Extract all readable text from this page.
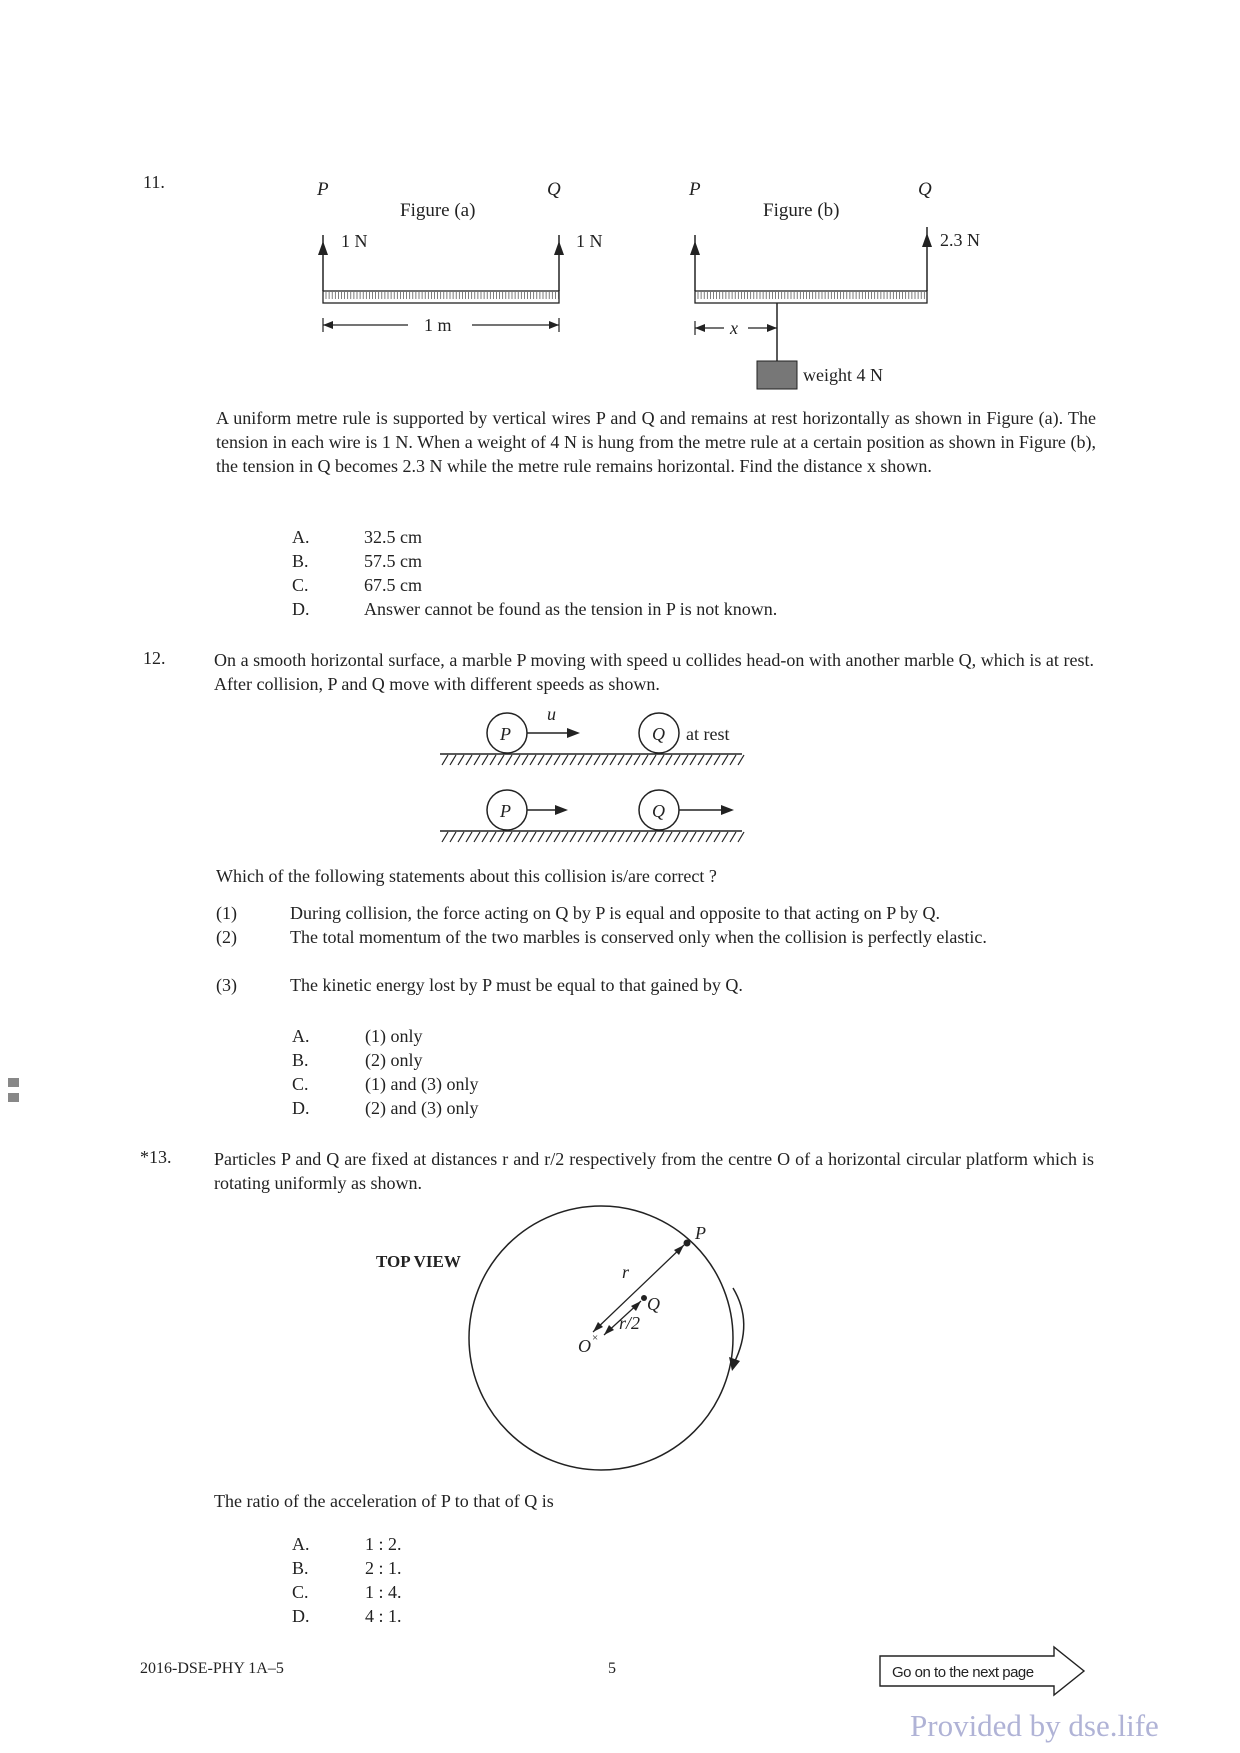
11.	P	Q
Figure (a)
1 N	1 N
1 m
P	Q
Figure (b)
2.3 N
weight 4 N
x
A uniform metre rule is supported by vertical wires P and Q and remains at rest horizontally as shown in Figure (a). The tension in each wire is 1 N. When a weight of 4 N is hung from the metre rule at a certain position as shown in Figure (b), the tension in Q becomes 2.3 N while the metre rule remains horizontal. Find the distance x shown.
A.	32.5 cm
B.	57.5 cm
C.	67.5 cm
D.	Answer cannot be found as the tension in P is not known.
12.	On a smooth horizontal surface, a marble P moving with speed u collides head-on with another marble Q, which is at rest. After collision, P and Q move with different speeds as shown.
P
u
Q at rest
P	Q
Which of the following statements about this collision is/are correct ?
(1)	During collision, the force acting on Q by P is equal and opposite to that acting on P by Q.
(2)	The total momentum of the two marbles is conserved only when the collision is perfectly elastic.
(3)	The kinetic energy lost by P must be equal to that gained by Q.
A.	(1) only
B.	(2) only
C.	(1) and (3) only
D.	(2) and (3) only
*13. Particles P and Q are fixed at distances r and r/2 respectively from the centre O of a horizontal circular platform which is rotating uniformly as shown.
TOP VIEW
O ×
P
r
Q
r/2
The ratio of the acceleration of P to that of Q is
A.	1 : 2.
B.	2 : 1.
C.	1 : 4.
D.	4 : 1.
2016-DSE-PHY 1A–5	5	Go on to the next page
Provided by dse.life
